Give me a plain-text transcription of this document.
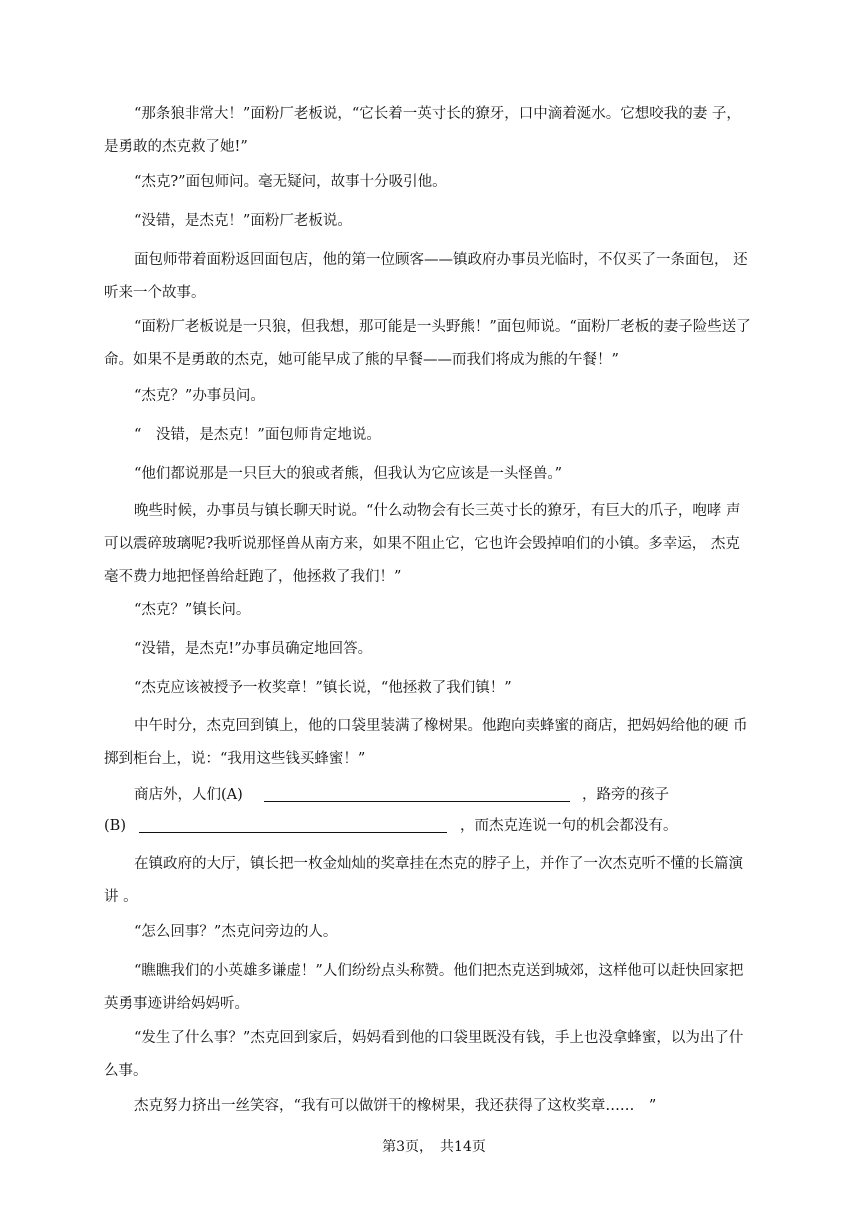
“那条狼非常大！”面粉厂老板说，“它长着一英寸长的獠牙，口中滴着涎水。它想咬我的妻 子，是勇敢的杰克救了她!”

“杰克?”面包师问。毫无疑问，故事十分吸引他。

“没错，是杰克！”面粉厂老板说。

面包师带着面粉返回面包店，他的第一位顾客——镇政府办事员光临时，不仅买了一条面包， 还听来一个故事。

“面粉厂老板说是一只狼，但我想，那可能是一头野熊！”面包师说。“面粉厂老板的妻子险些送了命。如果不是勇敢的杰克，她可能早成了熊的早餐——而我们将成为熊的午餐！”

“杰克？”办事员问。

“　没错，是杰克！”面包师肯定地说。

“他们都说那是一只巨大的狼或者熊，但我认为它应该是一头怪兽。”

晚些时候，办事员与镇长聊天时说。“什么动物会有长三英寸长的獠牙，有巨大的爪子，咆哮 声可以震碎玻璃呢?我听说那怪兽从南方来，如果不阻止它，它也许会毁掉咱们的小镇。多幸运， 杰克毫不费力地把怪兽给赶跑了，他拯救了我们！”

“杰克？”镇长问。

“没错，是杰克!”办事员确定地回答。

“杰克应该被授予一枚奖章！”镇长说，“他拯救了我们镇！”

中午时分，杰克回到镇上，他的口袋里装满了橡树果。他跑向卖蜂蜜的商店，把妈妈给他的硬 币掷到柜台上，说：“我用这些钱买蜂蜜！”

商店外，人们(A)	，路旁的孩子
(B)	，而杰克连说一句的机会都没有。

在镇政府的大厅，镇长把一枚金灿灿的奖章挂在杰克的脖子上，并作了一次杰克听不懂的长篇演讲 。

“怎么回事？”杰克问旁边的人。

“瞧瞧我们的小英雄多谦虚！”人们纷纷点头称赞。他们把杰克送到城郊，这样他可以赶快回家把英勇事迹讲给妈妈听。

“发生了什么事？”杰克回到家后，妈妈看到他的口袋里既没有钱，手上也没拿蜂蜜，以为出了什么事。

杰克努力挤出一丝笑容，“我有可以做饼干的橡树果，我还获得了这枚奖章……　”

第3页，　共14页
